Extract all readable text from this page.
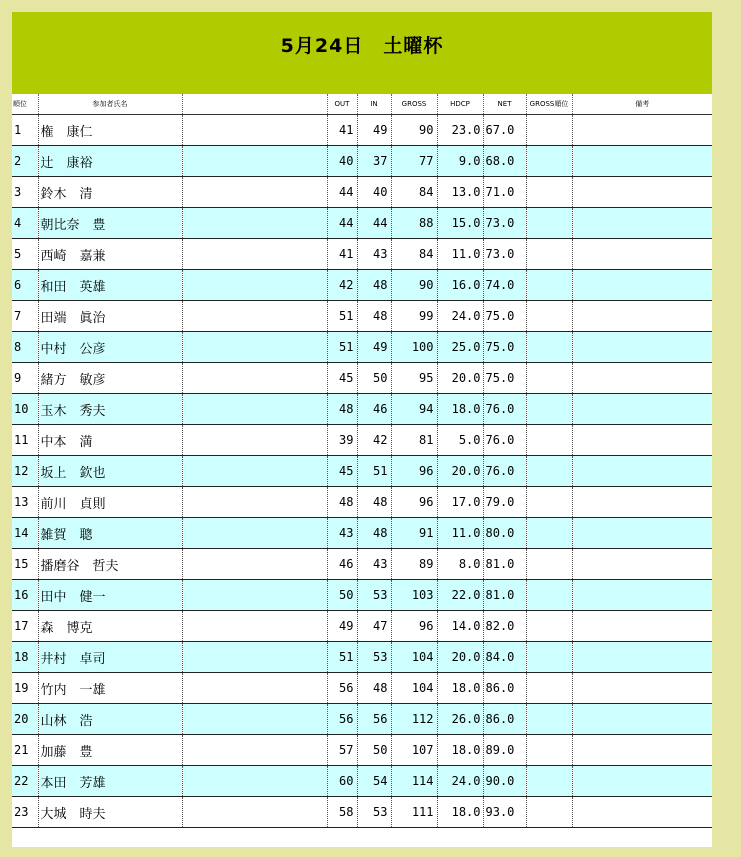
5月24日　土曜杯
順位	参加者氏名		OUT	IN	GROSS	HDCP	NET	GROSS順位	備考
1	権　康仁		41	49	90	23.0	67.0		
2	辻　康裕		40	37	77	9.0	68.0		
3	鈴木　清		44	40	84	13.0	71.0		
4	朝比奈　豊		44	44	88	15.0	73.0		
5	西崎　嘉兼		41	43	84	11.0	73.0		
6	和田　英雄		42	48	90	16.0	74.0		
7	田端　眞治		51	48	99	24.0	75.0		
8	中村　公彦		51	49	100	25.0	75.0		
9	緒方　敏彦		45	50	95	20.0	75.0		
10	玉木　秀夫		48	46	94	18.0	76.0		
11	中本　満		39	42	81	5.0	76.0		
12	坂上　欽也		45	51	96	20.0	76.0		
13	前川　貞則		48	48	96	17.0	79.0		
14	雑賀　聰		43	48	91	11.0	80.0		
15	播磨谷　哲夫		46	43	89	8.0	81.0		
16	田中　健一		50	53	103	22.0	81.0		
17	森　博克		49	47	96	14.0	82.0		
18	井村　卓司		51	53	104	20.0	84.0		
19	竹内　一雄		56	48	104	18.0	86.0		
20	山林　浩		56	56	112	26.0	86.0		
21	加藤　豊		57	50	107	18.0	89.0		
22	本田　芳雄		60	54	114	24.0	90.0		
23	大城　時夫		58	53	111	18.0	93.0		
